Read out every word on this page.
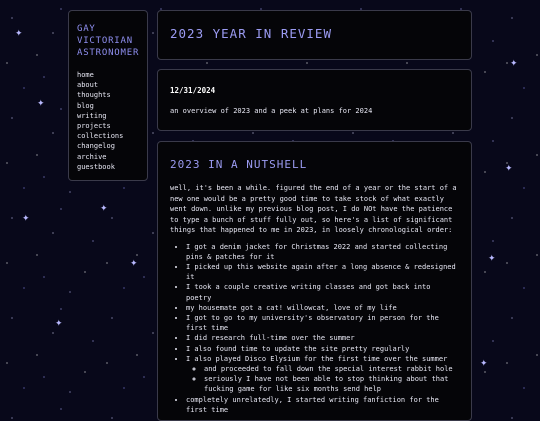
✦
✦
✦
✦
✦
✦
✦
✦
✦
✦	GAY
VICTORIAN
ASTRONOMER
home
about
thoughts
blog
writing
projects
collections
changelog
archive
guestbook
2023 YEAR IN REVIEW
12/31/2024
an overview of 2023 and a peek at plans for 2024
2023 IN A NUTSHELL

well, it's been a while. figured the end of a year or the start of a new one would be a pretty good time to take stock of what exactly went down. unlike my previous blog post, I do NOt have the patience to type a bunch of stuff fully out, so here's a list of significant things that happened to me in 2023, in loosely chronological order:

• I got a denim jacket for Christmas 2022 and started collecting pins & patches for it
• I picked up this website again after a long absence & redesigned it
• I took a couple creative writing classes and got back into poetry
• my housemate got a cat! willowcat, love of my life
• I got to go to my university's observatory in person for the first time
• I did research full-time over the summer
• I also found time to update the site pretty regularly
• I also played Disco Elysium for the first time over the summer
◦ and proceeded to fall down the special interest rabbit hole
◦ seriously I have not been able to stop thinking about that fucking game for like six months send help
• completely unrelatedly, I started writing fanfiction for the first time
